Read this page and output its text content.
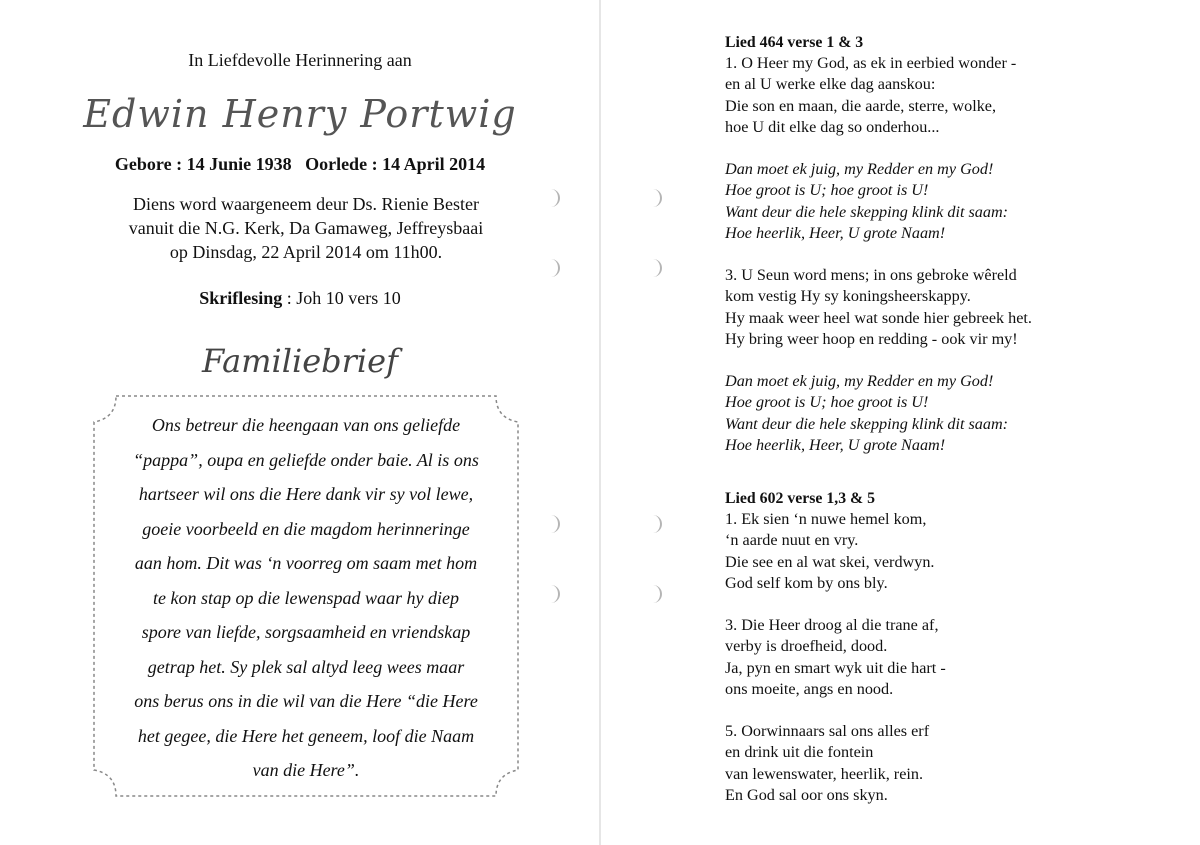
In Liefdevolle Herinnering aan
Edwin Henry Portwig
Gebore : 14 Junie 1938 Oorlede : 14 April 2014
Diens word waargeneem deur Ds. Rienie Bester
vanuit die N.G. Kerk, Da Gamaweg, Jeffreysbaai
op Dinsdag, 22 April 2014 om 11h00.
Skriflesing : Joh 10 vers 10
Familiebrief
Ons betreur die heengaan van ons geliefde
“pappa”, oupa en geliefde onder baie. Al is ons
hartseer wil ons die Here dank vir sy vol lewe,
goeie voorbeeld en die magdom herinneringe
aan hom. Dit was ‘n voorreg om saam met hom
te kon stap op die lewenspad waar hy diep
spore van liefde, sorgsaamheid en vriendskap
getrap het. Sy plek sal altyd leeg wees maar
ons berus ons in die wil van die Here “die Here
het gegee, die Here het geneem, loof die Naam
van die Here”.
Lied 464 verse 1 & 3
1. O Heer my God, as ek in eerbied wonder -
en al U werke elke dag aanskou:
Die son en maan, die aarde, sterre, wolke,
hoe U dit elke dag so onderhou...
Dan moet ek juig, my Redder en my God!
Hoe groot is U; hoe groot is U!
Want deur die hele skepping klink dit saam:
Hoe heerlik, Heer, U grote Naam!
3. U Seun word mens; in ons gebroke wêreld
kom vestig Hy sy koningsheerskappy.
Hy maak weer heel wat sonde hier gebreek het.
Hy bring weer hoop en redding - ook vir my!
Dan moet ek juig, my Redder en my God!
Hoe groot is U; hoe groot is U!
Want deur die hele skepping klink dit saam:
Hoe heerlik, Heer, U grote Naam!
Lied 602 verse 1,3 & 5
1. Ek sien ‘n nuwe hemel kom,
‘n aarde nuut en vry.
Die see en al wat skei, verdwyn.
God self kom by ons bly.
3. Die Heer droog al die trane af,
verby is droefheid, dood.
Ja, pyn en smart wyk uit die hart -
ons moeite, angs en nood.
5. Oorwinnaars sal ons alles erf
en drink uit die fontein
van lewenswater, heerlik, rein.
En God sal oor ons skyn.
